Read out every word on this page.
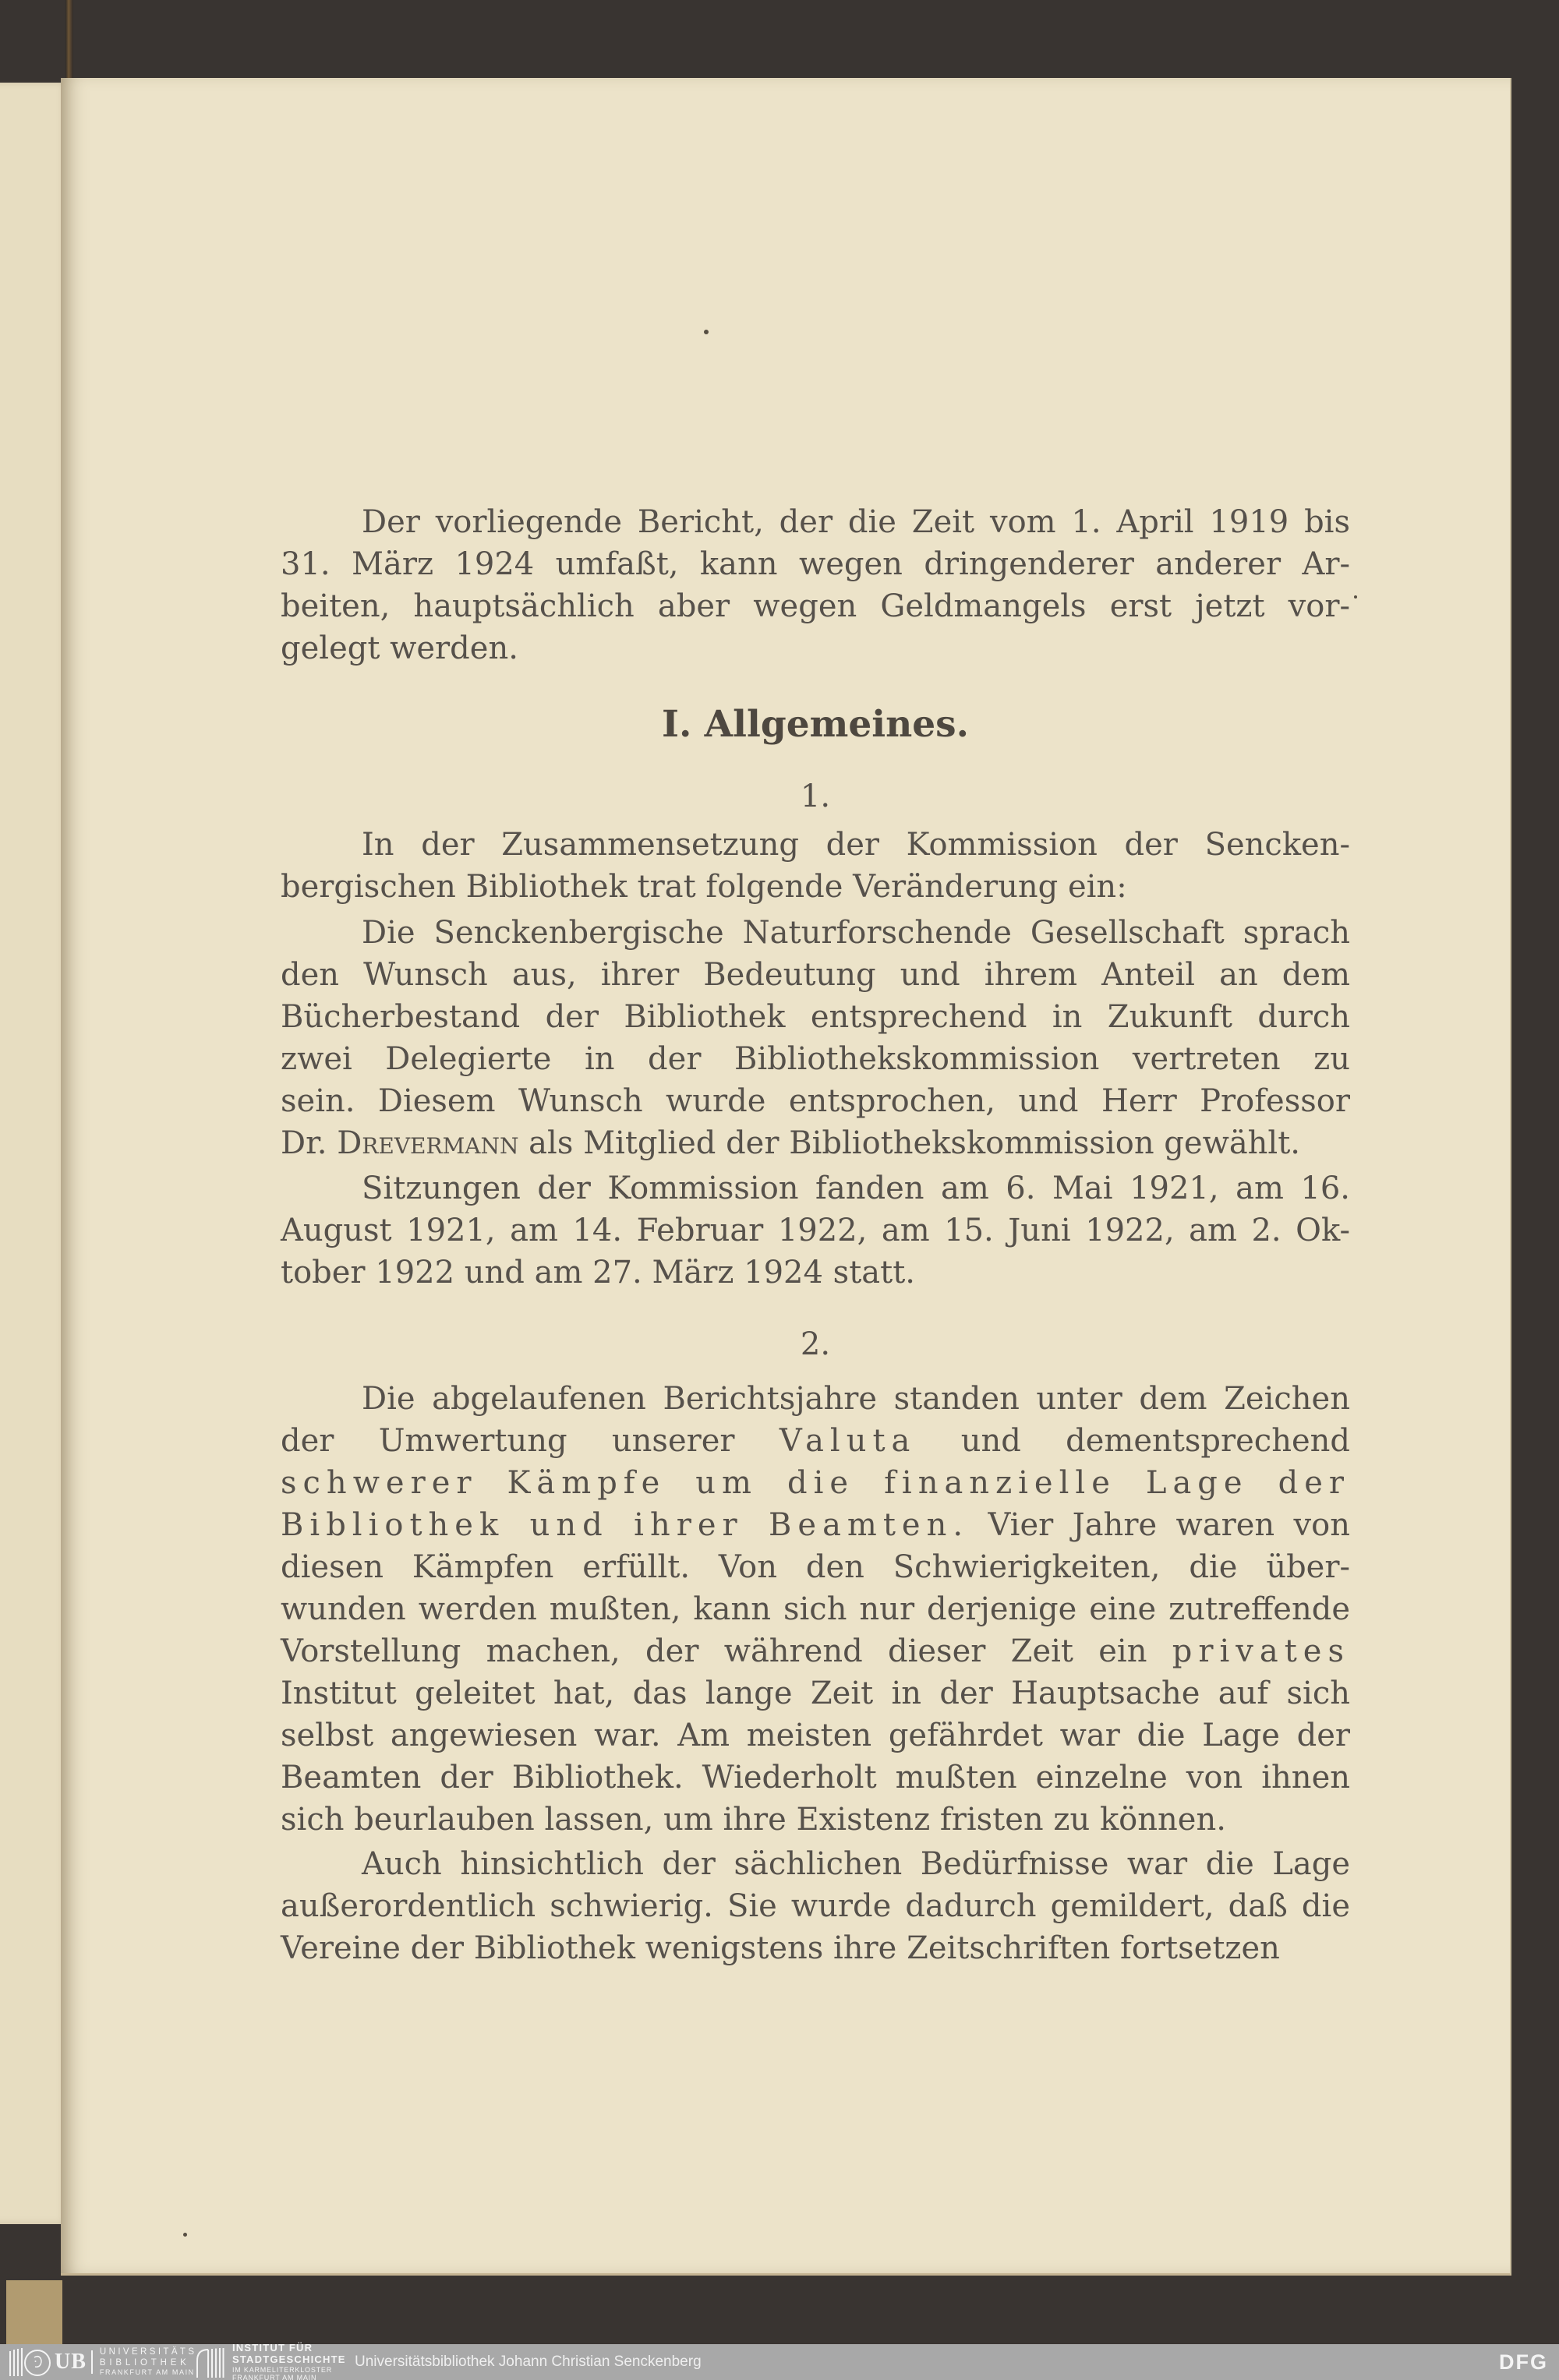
Der vorliegende Bericht, der die Zeit vom 1. April 1919 bis
31. März 1924 umfaßt, kann wegen dringenderer anderer Ar-
beiten, hauptsächlich aber wegen Geldmangels erst jetzt vor-
gelegt werden.
I. Allgemeines.
1.
In der Zusammensetzung der Kommission der Sencken-
bergischen Bibliothek trat folgende Veränderung ein:
Die Senckenbergische Naturforschende Gesellschaft sprach
den Wunsch aus, ihrer Bedeutung und ihrem Anteil an dem
Bücherbestand der Bibliothek entsprechend in Zukunft durch
zwei Delegierte in der Bibliothekskommission vertreten zu
sein. Diesem Wunsch wurde entsprochen, und Herr Professor
Dr. Drevermann als Mitglied der Bibliothekskommission gewählt.
Sitzungen der Kommission fanden am 6. Mai 1921, am 16.
August 1921, am 14. Februar 1922, am 15. Juni 1922, am 2. Ok-
tober 1922 und am 27. März 1924 statt.
2.
Die abgelaufenen Berichtsjahre standen unter dem Zeichen
der Umwertung unserer Valuta und dementsprechend
schwerer Kämpfe um die finanzielle Lage der
Bibliothek und ihrer Beamten. Vier Jahre waren von
diesen Kämpfen erfüllt. Von den Schwierigkeiten, die über-
wunden werden mußten, kann sich nur derjenige eine zutreffende
Vorstellung machen, der während dieser Zeit ein privates
Institut geleitet hat, das lange Zeit in der Hauptsache auf sich
selbst angewiesen war. Am meisten gefährdet war die Lage der
Beamten der Bibliothek. Wiederholt mußten einzelne von ihnen
sich beurlauben lassen, um ihre Existenz fristen zu können.
Auch hinsichtlich der sächlichen Bedürfnisse war die Lage
außerordentlich schwierig. Sie wurde dadurch gemildert, daß die
Vereine der Bibliothek wenigstens ihre Zeitschriften fortsetzen
UB UNIVERSITÄTS
BIBLIOTHEK
FRANKFURT AM MAIN
INSTITUT FÜR
STADTGESCHICHTE
IM KARMELITERKLOSTER
FRANKFURT AM MAIN
Universitätsbibliothek Johann Christian Senckenberg	DFG
